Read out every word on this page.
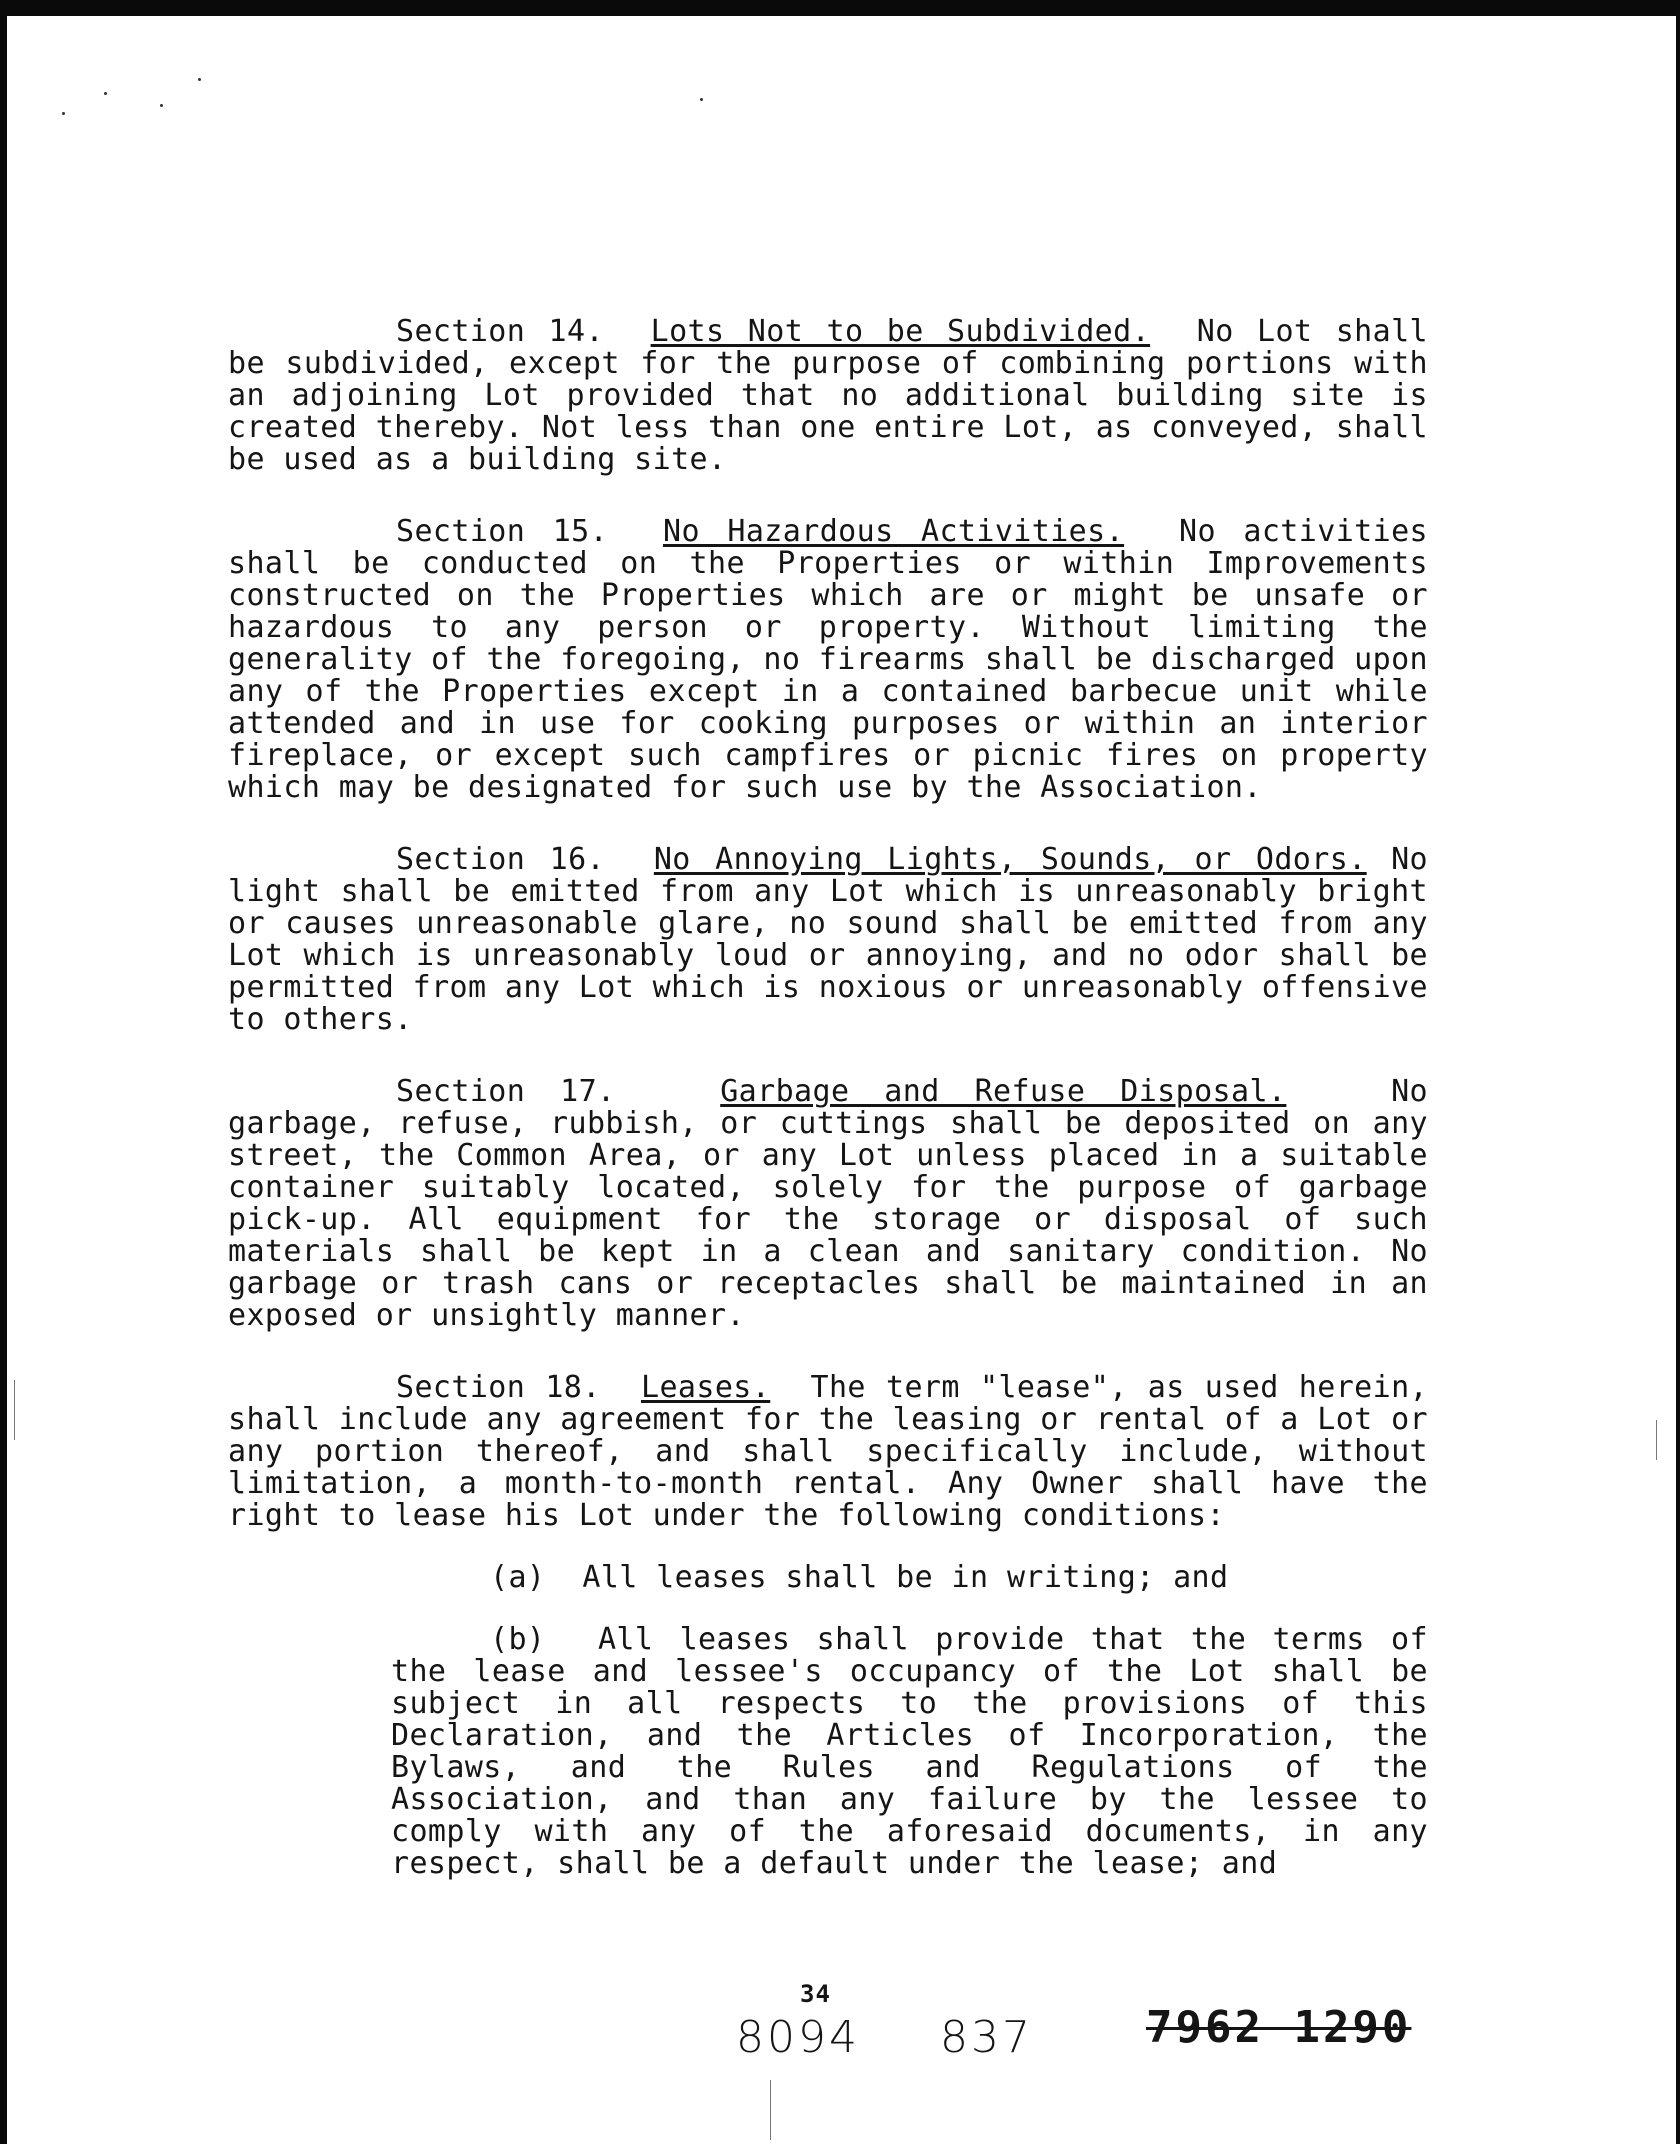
Section 14. Lots Not to be Subdivided. No Lot shall be subdivided, except for the purpose of combining portions with an adjoining Lot provided that no additional building site is created thereby. Not less than one entire Lot, as conveyed, shall be used as a building site.

Section 15. No Hazardous Activities. No activities shall be conducted on the Properties or within Improvements constructed on the Properties which are or might be unsafe or hazardous to any person or property. Without limiting the generality of the foregoing, no firearms shall be discharged upon any of the Properties except in a contained barbecue unit while attended and in use for cooking purposes or within an interior fireplace, or except such campfires or picnic fires on property which may be designated for such use by the Association.

Section 16. No Annoying Lights, Sounds, or Odors. No light shall be emitted from any Lot which is unreasonably bright or causes unreasonable glare, no sound shall be emitted from any Lot which is unreasonably loud or annoying, and no odor shall be permitted from any Lot which is noxious or unreasonably offensive to others.

Section 17.	Garbage and Refuse Disposal.	No garbage, refuse, rubbish, or cuttings shall be deposited on any street, the Common Area, or any Lot unless placed in a suitable container suitably located, solely for the purpose of garbage pick-up. All equipment for the storage or disposal of such materials shall be kept in a clean and sanitary condition. No garbage or trash cans or receptacles shall be maintained in an exposed or unsightly manner.

Section 18. Leases. The term "lease", as used herein, shall include any agreement for the leasing or rental of a Lot or any portion thereof, and shall specifically include, without limitation, a month-to-month rental. Any Owner shall have the right to lease his Lot under the following conditions:

(a) All leases shall be in writing; and

(b) All leases shall provide that the terms of the lease and lessee's occupancy of the Lot shall be subject in all respects to the provisions of this Declaration, and the Articles of Incorporation, the Bylaws, and the Rules and Regulations of the Association, and than any failure by the lessee to comply with any of the aforesaid documents, in any respect, shall be a default under the lease; and

34
8094 837	7962 1290
